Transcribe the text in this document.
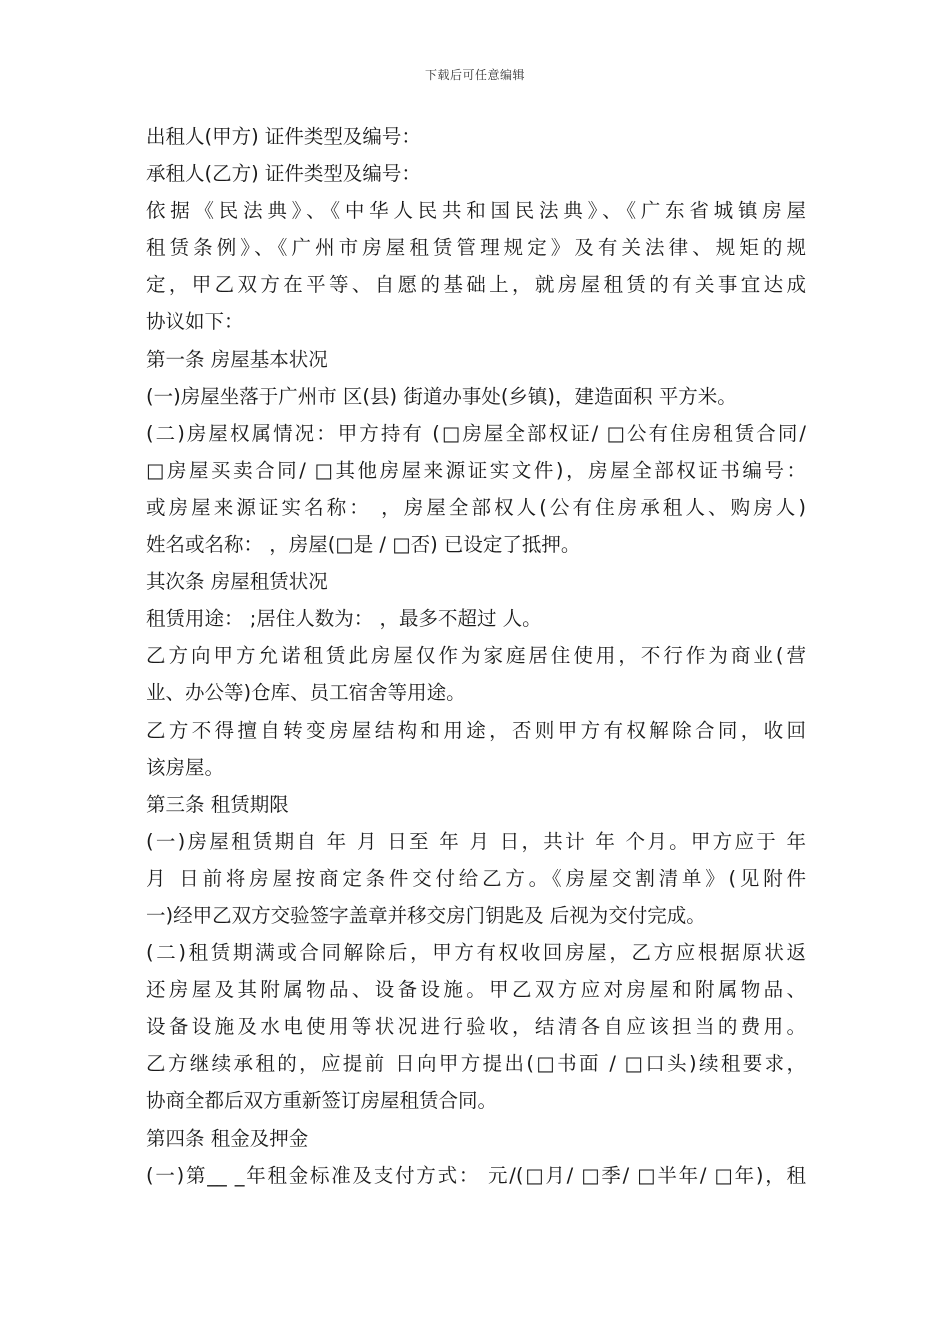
下载后可任意编辑
出租人(甲方) 证件类型及编号：
承租人(乙方) 证件类型及编号：
依据《民法典》、《中华人民共和国民法典》、《广东省城镇房屋
租赁条例》、《广州市房屋租赁管理规定》及有关法律、规矩的规
定，甲乙双方在平等、自愿的基础上，就房屋租赁的有关事宜达成
协议如下：
第一条 房屋基本状况
(一)房屋坐落于广州市 区(县) 街道办事处(乡镇)，建造面积 平方米。
(二)房屋权属情况：甲方持有 (□房屋全部权证/ □公有住房租赁合同/
□房屋买卖合同/ □其他房屋来源证实文件)，房屋全部权证书编号：
或房屋来源证实名称： ，房屋全部权人(公有住房承租人、购房人)
姓名或名称： ，房屋(□是 / □否) 已设定了抵押。
其次条 房屋租赁状况
租赁用途： ;居住人数为： ，最多不超过 人。
乙方向甲方允诺租赁此房屋仅作为家庭居住使用，不行作为商业(营
业、办公等)仓库、员工宿舍等用途。
乙方不得擅自转变房屋结构和用途，否则甲方有权解除合同，收回
该房屋。
第三条 租赁期限
(一)房屋租赁期自 年 月 日至 年 月 日，共计 年 个月。甲方应于 年
月 日前将房屋按商定条件交付给乙方。《房屋交割清单》(见附件
一)经甲乙双方交验签字盖章并移交房门钥匙及 后视为交付完成。
(二)租赁期满或合同解除后，甲方有权收回房屋，乙方应根据原状返
还房屋及其附属物品、设备设施。甲乙双方应对房屋和附属物品、
设备设施及水电使用等状况进行验收，结清各自应该担当的费用。
乙方继续承租的，应提前 日向甲方提出(□书面 / □口头)续租要求，
协商全都后双方重新签订房屋租赁合同。
第四条 租金及押金
(一)第__ _年租金标准及支付方式： 元/(□月/ □季/ □半年/ □年)，租
